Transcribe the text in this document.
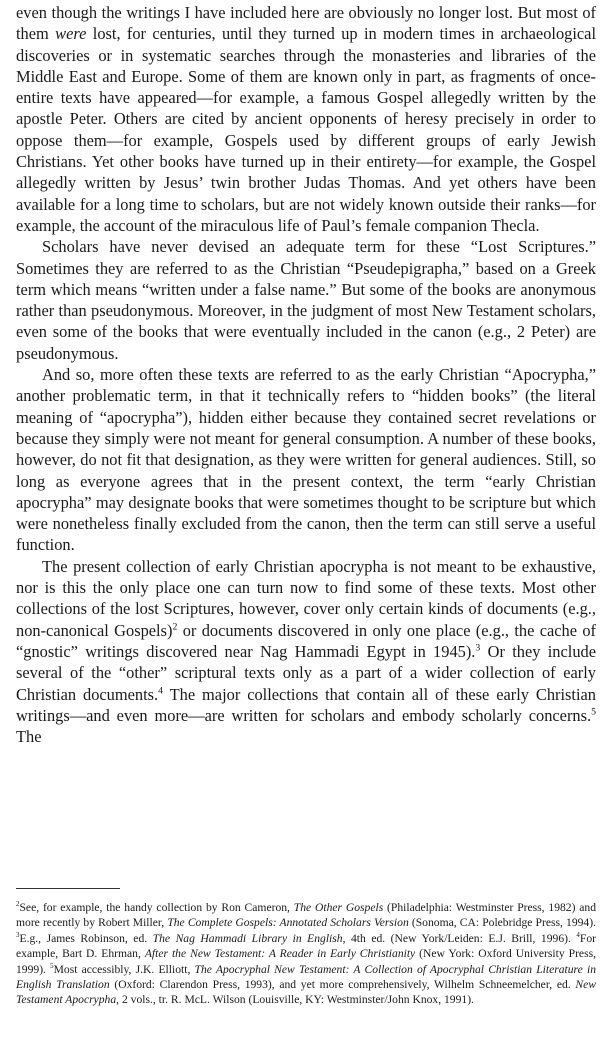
even though the writings I have included here are obviously no longer lost. But most of them were lost, for centuries, until they turned up in modern times in archaeological discoveries or in systematic searches through the monasteries and libraries of the Middle East and Europe. Some of them are known only in part, as fragments of once-entire texts have appeared—for example, a famous Gospel allegedly written by the apostle Peter. Others are cited by ancient opponents of heresy precisely in order to oppose them—for example, Gospels used by different groups of early Jewish Christians. Yet other books have turned up in their entirety—for example, the Gospel allegedly written by Jesus’ twin brother Judas Thomas. And yet others have been available for a long time to scholars, but are not widely known outside their ranks—for example, the account of the miraculous life of Paul’s female companion Thecla.

Scholars have never devised an adequate term for these “Lost Scriptures.” Sometimes they are referred to as the Christian “Pseudepigrapha,” based on a Greek term which means “written under a false name.” But some of the books are anonymous rather than pseudonymous. Moreover, in the judgment of most New Testament scholars, even some of the books that were eventually included in the canon (e.g., 2 Peter) are pseudonymous.

And so, more often these texts are referred to as the early Christian “Apocrypha,” another problematic term, in that it technically refers to “hidden books” (the literal meaning of “apocrypha”), hidden either because they contained secret revelations or because they simply were not meant for general consumption. A number of these books, however, do not fit that designation, as they were written for general audiences. Still, so long as everyone agrees that in the present context, the term “early Christian apocrypha” may designate books that were sometimes thought to be scripture but which were nonetheless finally excluded from the canon, then the term can still serve a useful function.

The present collection of early Christian apocrypha is not meant to be exhaustive, nor is this the only place one can turn now to find some of these texts. Most other collections of the lost Scriptures, however, cover only certain kinds of documents (e.g., non-canonical Gospels)$^2$ or documents discovered in only one place (e.g., the cache of “gnostic” writings discovered near Nag Hammadi Egypt in 1945).$^3$ Or they include several of the “other” scriptural texts only as a part of a wider collection of early Christian documents.$^4$ The major collections that contain all of these early Christian writings—and even more—are written for scholars and embody scholarly concerns.$^5$ The

$^2$See, for example, the handy collection by Ron Cameron, The Other Gospels (Philadelphia: Westminster Press, 1982) and more recently by Robert Miller, The Complete Gospels: Annotated Scholars Version (Sonoma, CA: Polebridge Press, 1994). $^3$E.g., James Robinson, ed. The Nag Hammadi Library in English, 4th ed. (New York/Leiden: E.J. Brill, 1996). $^4$For example, Bart D. Ehrman, After the New Testament: A Reader in Early Christianity (New York: Oxford University Press, 1999). $^5$Most accessibly, J.K. Elliott, The Apocryphal New Testament: A Collection of Apocryphal Christian Literature in English Translation (Oxford: Clarendon Press, 1993), and yet more comprehensively, Wilhelm Schneemelcher, ed. New Testament Apocrypha, 2 vols., tr. R. McL. Wilson (Louisville, KY: Westminster/John Knox, 1991).
